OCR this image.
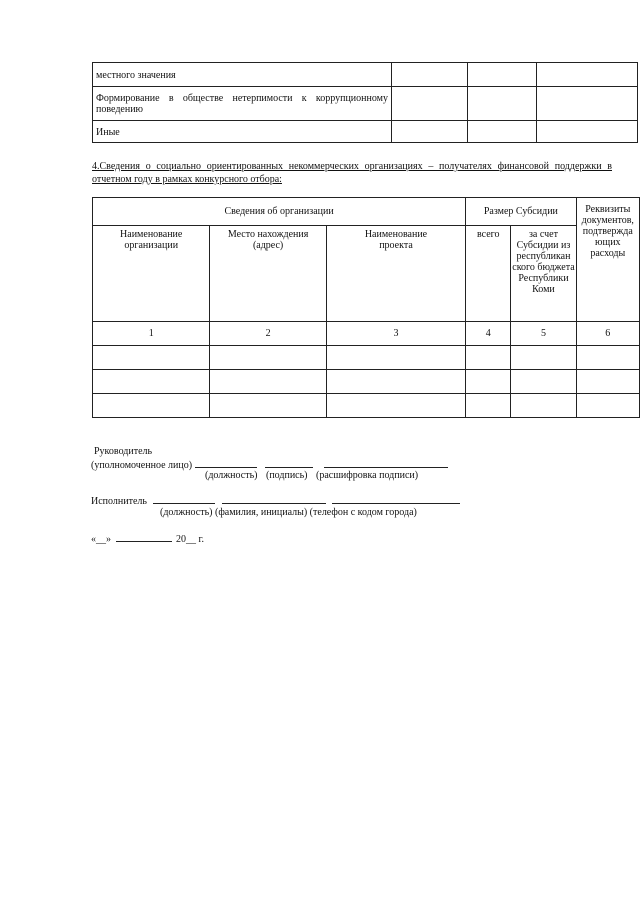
местного значения			
Формирование в обществе нетерпимости к коррупционному поведению			
Иные			
4.Сведения о социально ориентированных некоммерческих организациях – получателях финансовой поддержки в отчетном году в рамках конкурсного отбора:
Сведения об организации			Размер Субсидии		Реквизиты документов, подтвержда ющих расходы
Наименование организации	Место нахождения (адрес)	Наименование проекта	всего	за счет Субсидии из республикан ского бюджета Республики Коми	
1	2	3	4	5	6

Руководитель
(уполномоченное лицо)
(должность) (подпись) (расшифровка подписи)
Исполнитель
(должность) (фамилия, инициалы) (телефон с кодом города)
«__»	20__ г.
